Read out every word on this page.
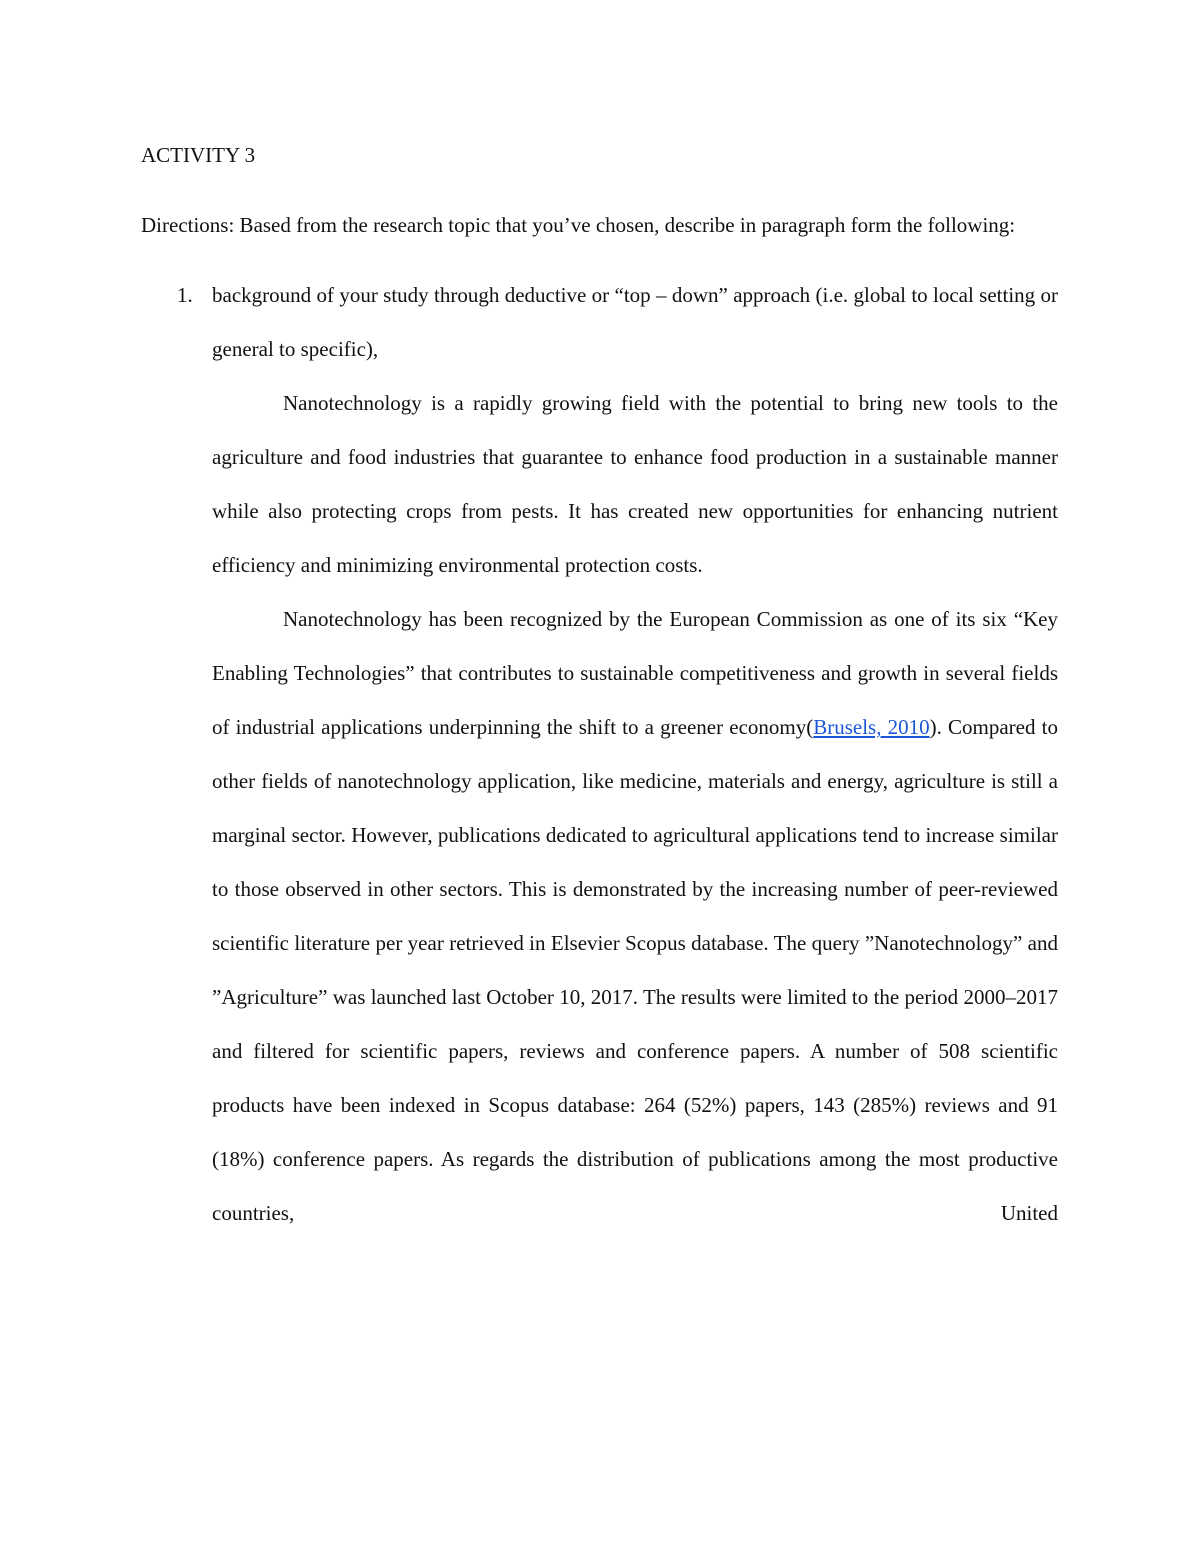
ACTIVITY 3

Directions: Based from the research topic that you’ve chosen, describe in paragraph form the following:

1. background of your study through deductive or “top – down” approach (i.e. global to local setting or general to specific),

Nanotechnology is a rapidly growing field with the potential to bring new tools to the agriculture and food industries that guarantee to enhance food production in a sustainable manner while also protecting crops from pests. It has created new opportunities for enhancing nutrient efficiency and minimizing environmental protection costs.

Nanotechnology has been recognized by the European Commission as one of its six “Key Enabling Technologies” that contributes to sustainable competitiveness and growth in several fields of industrial applications underpinning the shift to a greener economy(Brusels, 2010). Compared to other fields of nanotechnology application, like medicine, materials and energy, agriculture is still a marginal sector. However, publications dedicated to agricultural applications tend to increase similar to those observed in other sectors. This is demonstrated by the increasing number of peer-reviewed scientific literature per year retrieved in Elsevier Scopus database. The query ”Nanotechnology” and ”Agriculture” was launched last October 10, 2017. The results were limited to the period 2000–2017 and filtered for scientific papers, reviews and conference papers. A number of 508 scientific products have been indexed in Scopus database: 264 (52%) papers, 143 (285%) reviews and 91 (18%) conference papers. As regards the distribution of publications among the most productive countries, United
